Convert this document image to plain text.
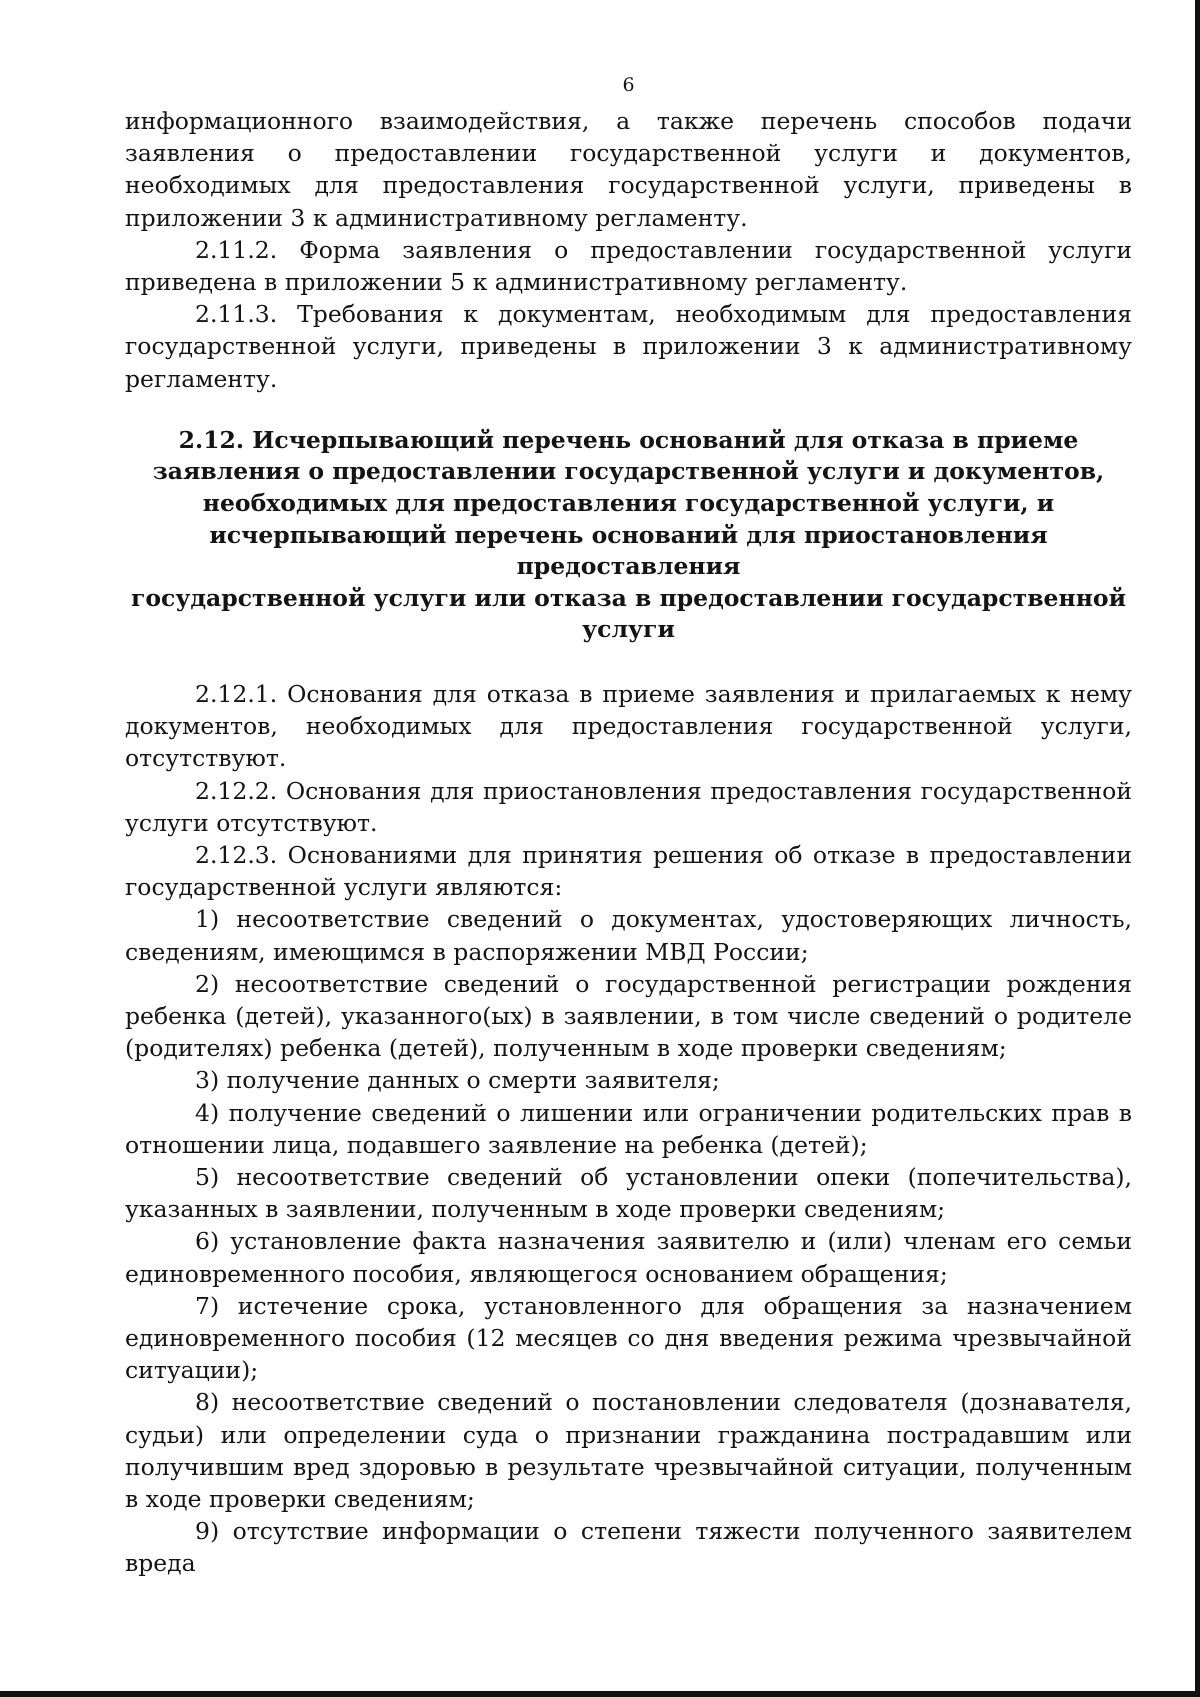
6

информационного взаимодействия, а также перечень способов подачи заявления о предоставлении государственной услуги и документов, необходимых для предоставления государственной услуги, приведены в приложении 3 к административному регламенту.

2.11.2. Форма заявления о предоставлении государственной услуги приведена в приложении 5 к административному регламенту.

2.11.3. Требования к документам, необходимым для предоставления государственной услуги, приведены в приложении 3 к административному регламенту.

2.12. Исчерпывающий перечень оснований для отказа в приеме
заявления о предоставлении государственной услуги и документов,
необходимых для предоставления государственной услуги, и
исчерпывающий перечень оснований для приостановления предоставления
государственной услуги или отказа в предоставлении государственной
услуги

2.12.1. Основания для отказа в приеме заявления и прилагаемых к нему документов, необходимых для предоставления государственной услуги, отсутствуют.

2.12.2. Основания для приостановления предоставления государственной услуги отсутствуют.

2.12.3. Основаниями для принятия решения об отказе в предоставлении государственной услуги являются:

1) несоответствие сведений о документах, удостоверяющих личность, сведениям, имеющимся в распоряжении МВД России;

2) несоответствие сведений о государственной регистрации рождения ребенка (детей), указанного(ых) в заявлении, в том числе сведений о родителе (родителях) ребенка (детей), полученным в ходе проверки сведениям;

3) получение данных о смерти заявителя;

4) получение сведений о лишении или ограничении родительских прав в отношении лица, подавшего заявление на ребенка (детей);

5) несоответствие сведений об установлении опеки (попечительства), указанных в заявлении, полученным в ходе проверки сведениям;

6) установление факта назначения заявителю и (или) членам его семьи единовременного пособия, являющегося основанием обращения;

7) истечение срока, установленного для обращения за назначением единовременного пособия (12 месяцев со дня введения режима чрезвычайной ситуации);

8) несоответствие сведений о постановлении следователя (дознавателя, судьи) или определении суда о признании гражданина пострадавшим или получившим вред здоровью в результате чрезвычайной ситуации, полученным в ходе проверки сведениям;

9) отсутствие информации о степени тяжести полученного заявителем вреда
